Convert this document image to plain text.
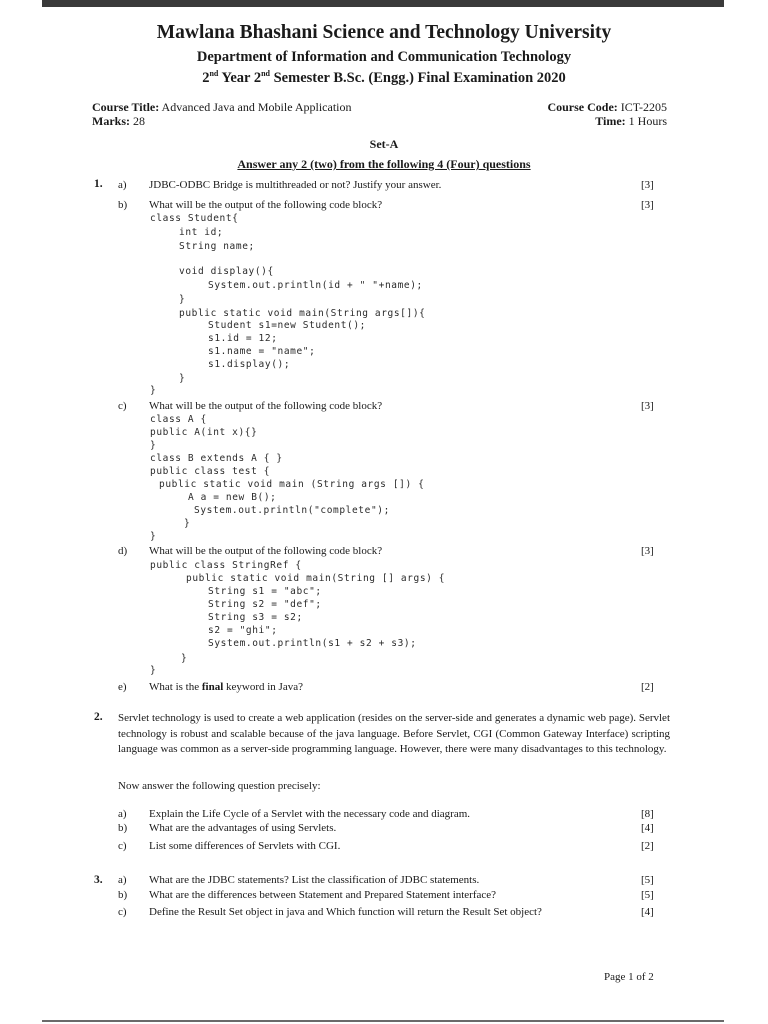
Mawlana Bhashani Science and Technology University
Department of Information and Communication Technology
2nd Year 2nd Semester B.Sc. (Engg.) Final Examination 2020
Course Title: Advanced Java and Mobile Application
Marks: 28
Course Code: ICT-2205
Time: 1 Hours
Set-A
Answer any 2 (two) from the following 4 (Four) questions
1. a) JDBC-ODBC Bridge is multithreaded or not? Justify your answer.	[3]
b) What will be the output of the following code block?	[3]
class Student{
int id;
String name;
void display(){
System.out.println(id + " "+name);
}
public static void main(String args[]){
Student s1=new Student();
s1.id = 12;
s1.name = "name";
s1.display();
}
}
c) What will be the output of the following code block?	[3]
class A {
public A(int x){}
}
class B extends A { }
public class test {
public static void main (String args []) {
A a = new B();
System.out.println("complete");
}
}
d) What will be the output of the following code block?	[3]
public class StringRef {
public static void main(String [] args) {
String s1 = "abc";
String s2 = "def";
String s3 = s2;
s2 = "ghi";
System.out.println(s1 + s2 + s3);
}
}
e) What is the final keyword in Java?	[2]
2. Servlet technology is used to create a web application (resides on the server-side and generates a dynamic web page). Servlet technology is robust and scalable because of the java language. Before Servlet, CGI (Common Gateway Interface) scripting language was common as a server-side programming language. However, there were many disadvantages to this technology.
Now answer the following question precisely:
a) Explain the Life Cycle of a Servlet with the necessary code and diagram.	[8]
b) What are the advantages of using Servlets.	[4]
c) List some differences of Servlets with CGI.	[2]
3. a) What are the JDBC statements? List the classification of JDBC statements.	[5]
b) What are the differences between Statement and Prepared Statement interface?	[5]
c) Define the Result Set object in java and Which function will return the Result Set object?	[4]
Page 1 of 2
